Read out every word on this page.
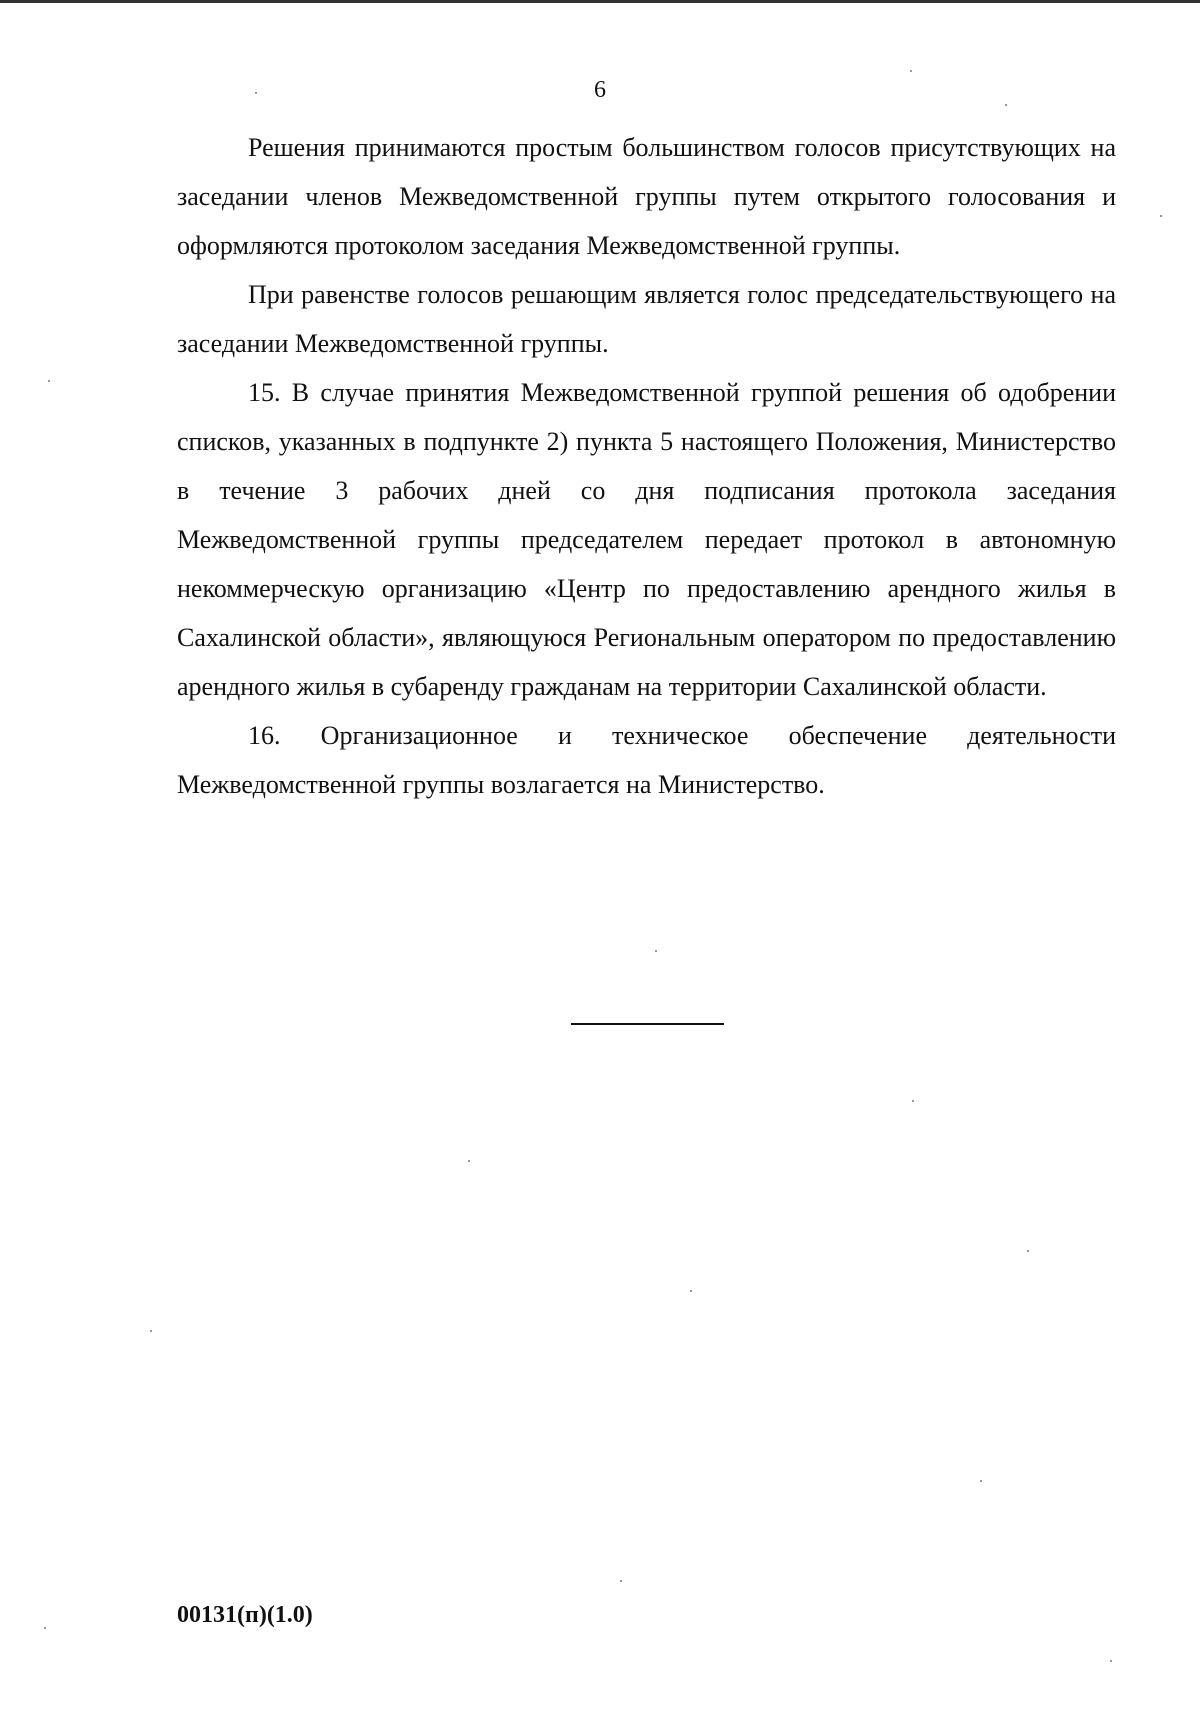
6

Решения принимаются простым большинством голосов присутствующих на заседании членов Межведомственной группы путем открытого голосования и оформляются протоколом заседания Межведомственной группы.

При равенстве голосов решающим является голос председательствующего на заседании Межведомственной группы.

15. В случае принятия Межведомственной группой решения об одобрении списков, указанных в подпункте 2) пункта 5 настоящего Положения, Министерство в течение 3 рабочих дней со дня подписания протокола заседания Межведомственной группы председателем передает протокол в автономную некоммерческую организацию «Центр по предоставлению арендного жилья в Сахалинской области», являющуюся Региональным оператором по предоставлению арендного жилья в субаренду гражданам на территории Сахалинской области.

16. Организационное и техническое обеспечение деятельности Межведомственной группы возлагается на Министерство.

00131(п)(1.0)
